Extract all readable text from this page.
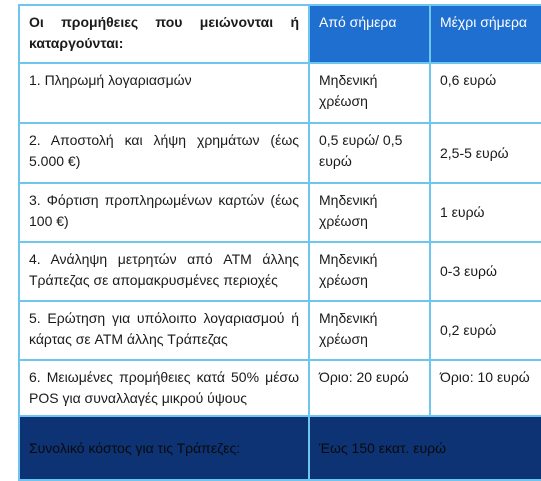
Οι προμήθειες που μειώνονται ή καταργούνται:	Από σήμερα	Μέχρι σήμερα
1. Πληρωμή λογαριασμών	Μηδενική χρέωση	0,6 ευρώ
2. Αποστολή και λήψη χρημάτων (έως 5.000 €)	0,5 ευρώ/ 0,5 ευρώ	2,5-5 ευρώ
3. Φόρτιση προπληρωμένων καρτών (έως 100 €)	Μηδενική χρέωση	1 ευρώ
4. Ανάληψη μετρητών από ATM άλλης Τράπεζας σε απομακρυσμένες περιοχές	Μηδενική χρέωση	0-3 ευρώ
5. Ερώτηση για υπόλοιπο λογαριασμού ή κάρτας σε ATM άλλης Τράπεζας	Μηδενική χρέωση	0,2 ευρώ
6. Μειωμένες προμήθειες κατά 50% μέσω POS για συναλλαγές μικρού ύψους	Όριο: 20 ευρώ	Όριο: 10 ευρώ
Συνολικό κόστος για τις Τράπεζες:	Έως 150 εκατ. ευρώ	
